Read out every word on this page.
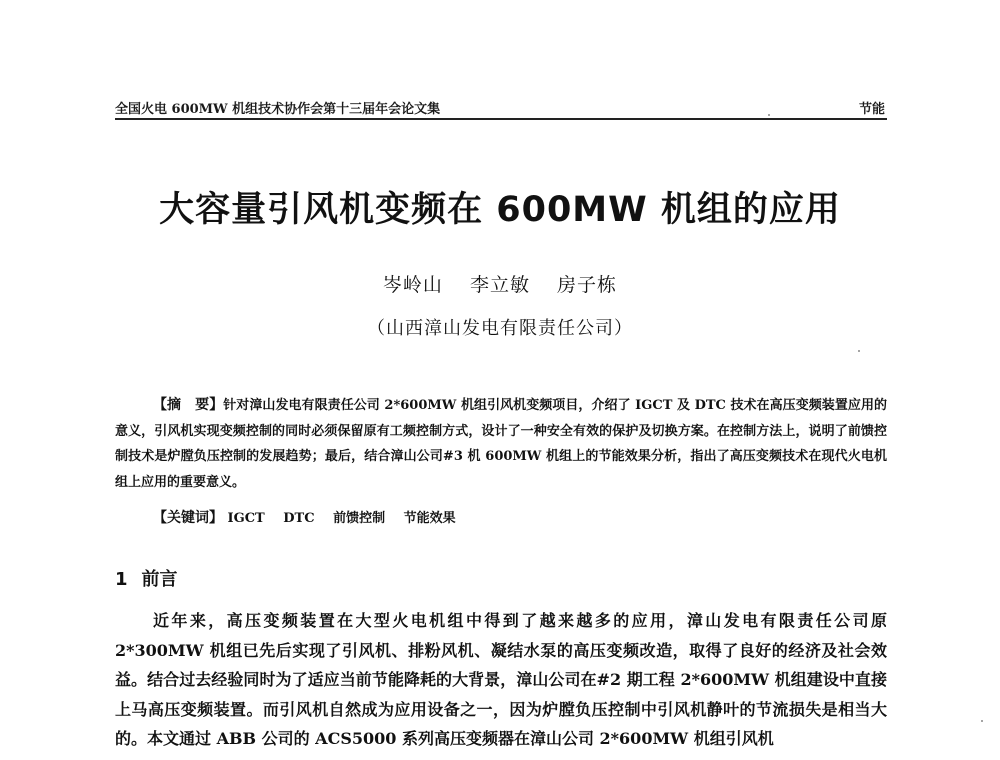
全国火电 600MW 机组技术协作会第十三届年会论文集	节能
大容量引风机变频在 600MW 机组的应用
岑岭山 李立敏 房子栋
（山西漳山发电有限责任公司）
【摘　要】针对漳山发电有限责任公司 2*600MW 机组引风机变频项目，介绍了 IGCT 及 DTC 技术在高压变频装置应用的意义，引风机实现变频控制的同时必须保留原有工频控制方式，设计了一种安全有效的保护及切换方案。在控制方法上，说明了前馈控制技术是炉膛负压控制的发展趋势；最后，结合漳山公司#3 机 600MW 机组上的节能效果分析，指出了高压变频技术在现代火电机组上应用的重要意义。
【关键词】 IGCT DTC 前馈控制 节能效果
1 前言
近年来，高压变频装置在大型火电机组中得到了越来越多的应用，漳山发电有限责任公司原 2*300MW 机组已先后实现了引风机、排粉风机、凝结水泵的高压变频改造，取得了良好的经济及社会效益。结合过去经验同时为了适应当前节能降耗的大背景，漳山公司在#2 期工程 2*600MW 机组建设中直接上马高压变频装置。而引风机自然成为应用设备之一，因为炉膛负压控制中引风机静叶的节流损失是相当大的。本文通过 ABB 公司的 ACS5000 系列高压变频器在漳山公司 2*600MW 机组引风机
